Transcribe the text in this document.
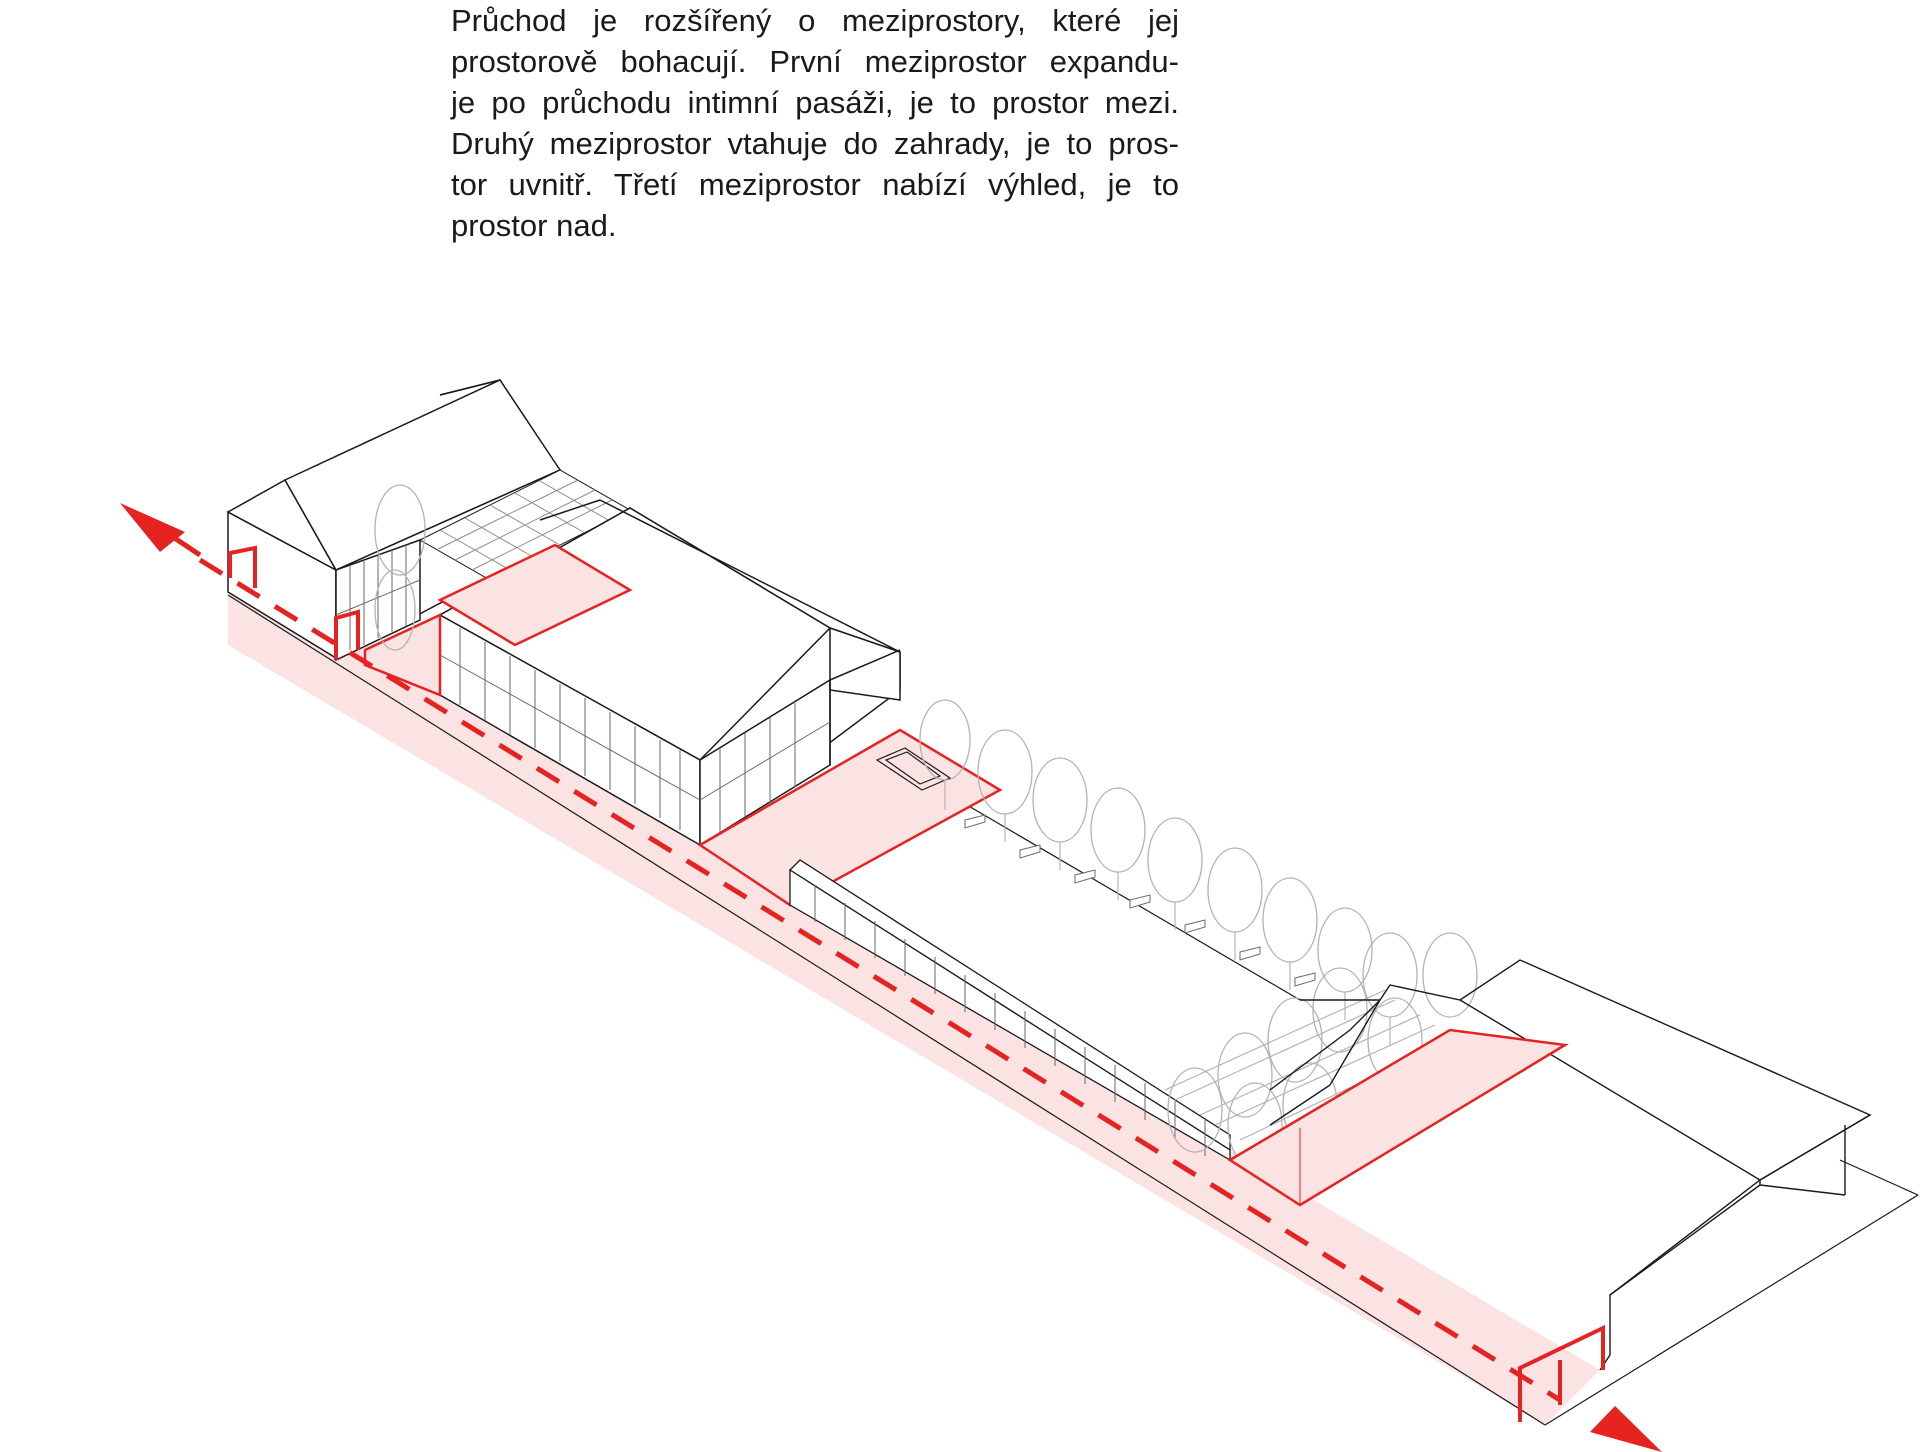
Průchod je rozšířený o meziprostory, které jej
prostorově bohacují. První meziprostor expandu-
je po průchodu intimní pasáži, je to prostor mezi.
Druhý meziprostor vtahuje do zahrady, je to pros-
tor uvnitř. Třetí meziprostor nabízí výhled, je to
prostor nad.
